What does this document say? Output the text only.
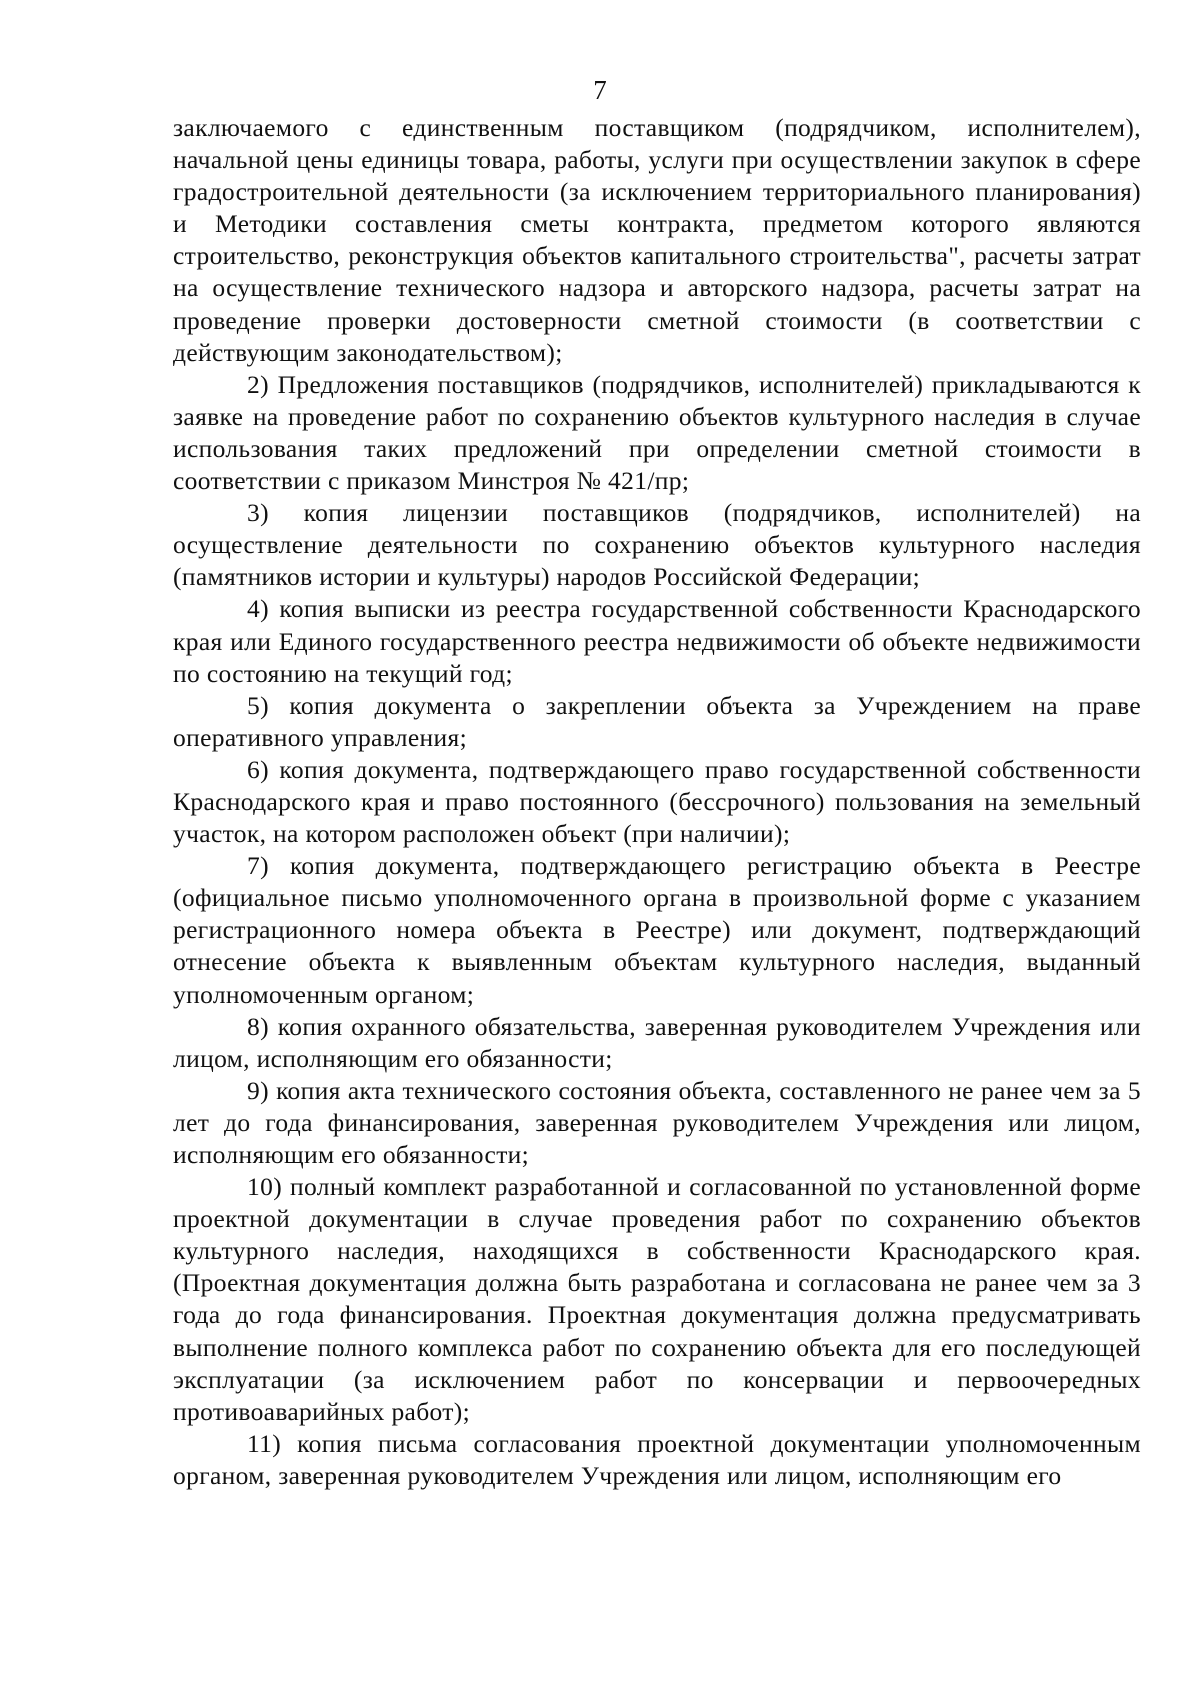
7

заключаемого с единственным поставщиком (подрядчиком, исполнителем), начальной цены единицы товара, работы, услуги при осуществлении закупок в сфере градостроительной деятельности (за исключением территориального планирования) и Методики составления сметы контракта, предметом которого являются строительство, реконструкция объектов капитального строительства", расчеты затрат на осуществление технического надзора и авторского надзора, расчеты затрат на проведение проверки достоверности сметной стоимости (в соответствии с действующим законодательством);

2) Предложения поставщиков (подрядчиков, исполнителей) прикладываются к заявке на проведение работ по сохранению объектов культурного наследия в случае использования таких предложений при определении сметной стоимости в соответствии с приказом Минстроя № 421/пр;

3) копия лицензии поставщиков (подрядчиков, исполнителей) на осуществление деятельности по сохранению объектов культурного наследия (памятников истории и культуры) народов Российской Федерации;

4) копия выписки из реестра государственной собственности Краснодарского края или Единого государственного реестра недвижимости об объекте недвижимости по состоянию на текущий год;

5) копия документа о закреплении объекта за Учреждением на праве оперативного управления;

6) копия документа, подтверждающего право государственной собственности Краснодарского края и право постоянного (бессрочного) пользования на земельный участок, на котором расположен объект (при наличии);

7) копия документа, подтверждающего регистрацию объекта в Реестре (официальное письмо уполномоченного органа в произвольной форме с указанием регистрационного номера объекта в Реестре) или документ, подтверждающий отнесение объекта к выявленным объектам культурного наследия, выданный уполномоченным органом;

8) копия охранного обязательства, заверенная руководителем Учреждения или лицом, исполняющим его обязанности;

9) копия акта технического состояния объекта, составленного не ранее чем за 5 лет до года финансирования, заверенная руководителем Учреждения или лицом, исполняющим его обязанности;

10) полный комплект разработанной и согласованной по установленной форме проектной документации в случае проведения работ по сохранению объектов культурного наследия, находящихся в собственности Краснодарского края. (Проектная документация должна быть разработана и согласована не ранее чем за 3 года до года финансирования. Проектная документация должна предусматривать выполнение полного комплекса работ по сохранению объекта для его последующей эксплуатации (за исключением работ по консервации и первоочередных противоаварийных работ);

11) копия письма согласования проектной документации уполномоченным органом, заверенная руководителем Учреждения или лицом, исполняющим его
